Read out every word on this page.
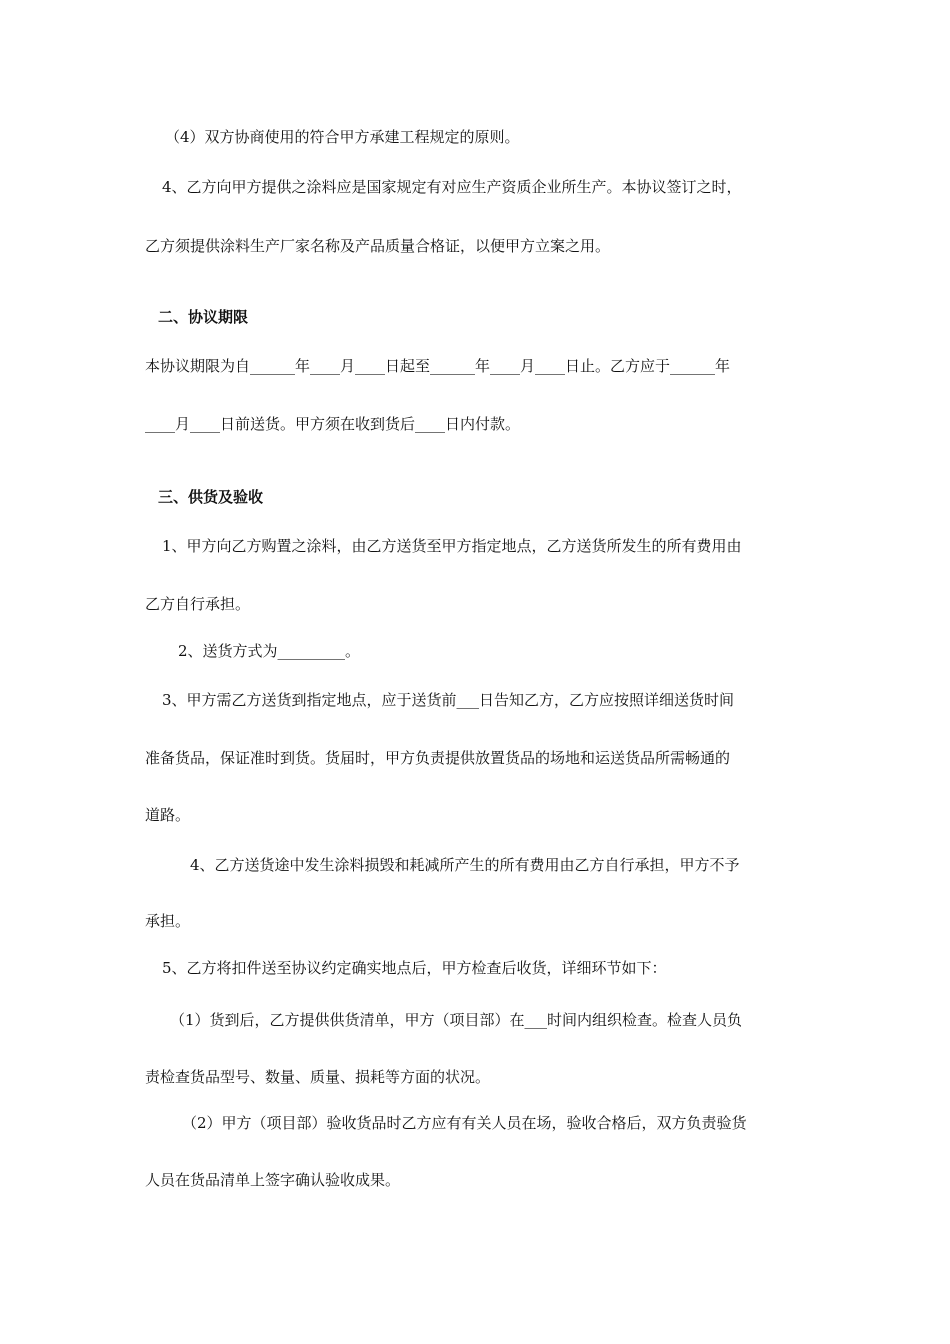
（4）双方协商使用的符合甲方承建工程规定的原则。
4、乙方向甲方提供之涂料应是国家规定有对应生产资质企业所生产。本协议签订之时，
乙方须提供涂料生产厂家名称及产品质量合格证，以便甲方立案之用。
二、协议期限
本协议期限为自______年____月____日起至______年____月____日止。乙方应于______年
____月____日前送货。甲方须在收到货后____日内付款。
三、供货及验收
1、甲方向乙方购置之涂料，由乙方送货至甲方指定地点，乙方送货所发生的所有费用由
乙方自行承担。
2、送货方式为_________。
3、甲方需乙方送货到指定地点，应于送货前___日告知乙方，乙方应按照详细送货时间
准备货品，保证准时到货。货届时，甲方负责提供放置货品的场地和运送货品所需畅通的
道路。
4、乙方送货途中发生涂料损毁和耗减所产生的所有费用由乙方自行承担，甲方不予
承担。
5、乙方将扣件送至协议约定确实地点后，甲方检查后收货，详细环节如下：
（1）货到后，乙方提供供货清单，甲方（项目部）在___时间内组织检查。检查人员负
责检查货品型号、数量、质量、损耗等方面的状况。
（2）甲方（项目部）验收货品时乙方应有有关人员在场，验收合格后，双方负责验货
人员在货品清单上签字确认验收成果。
